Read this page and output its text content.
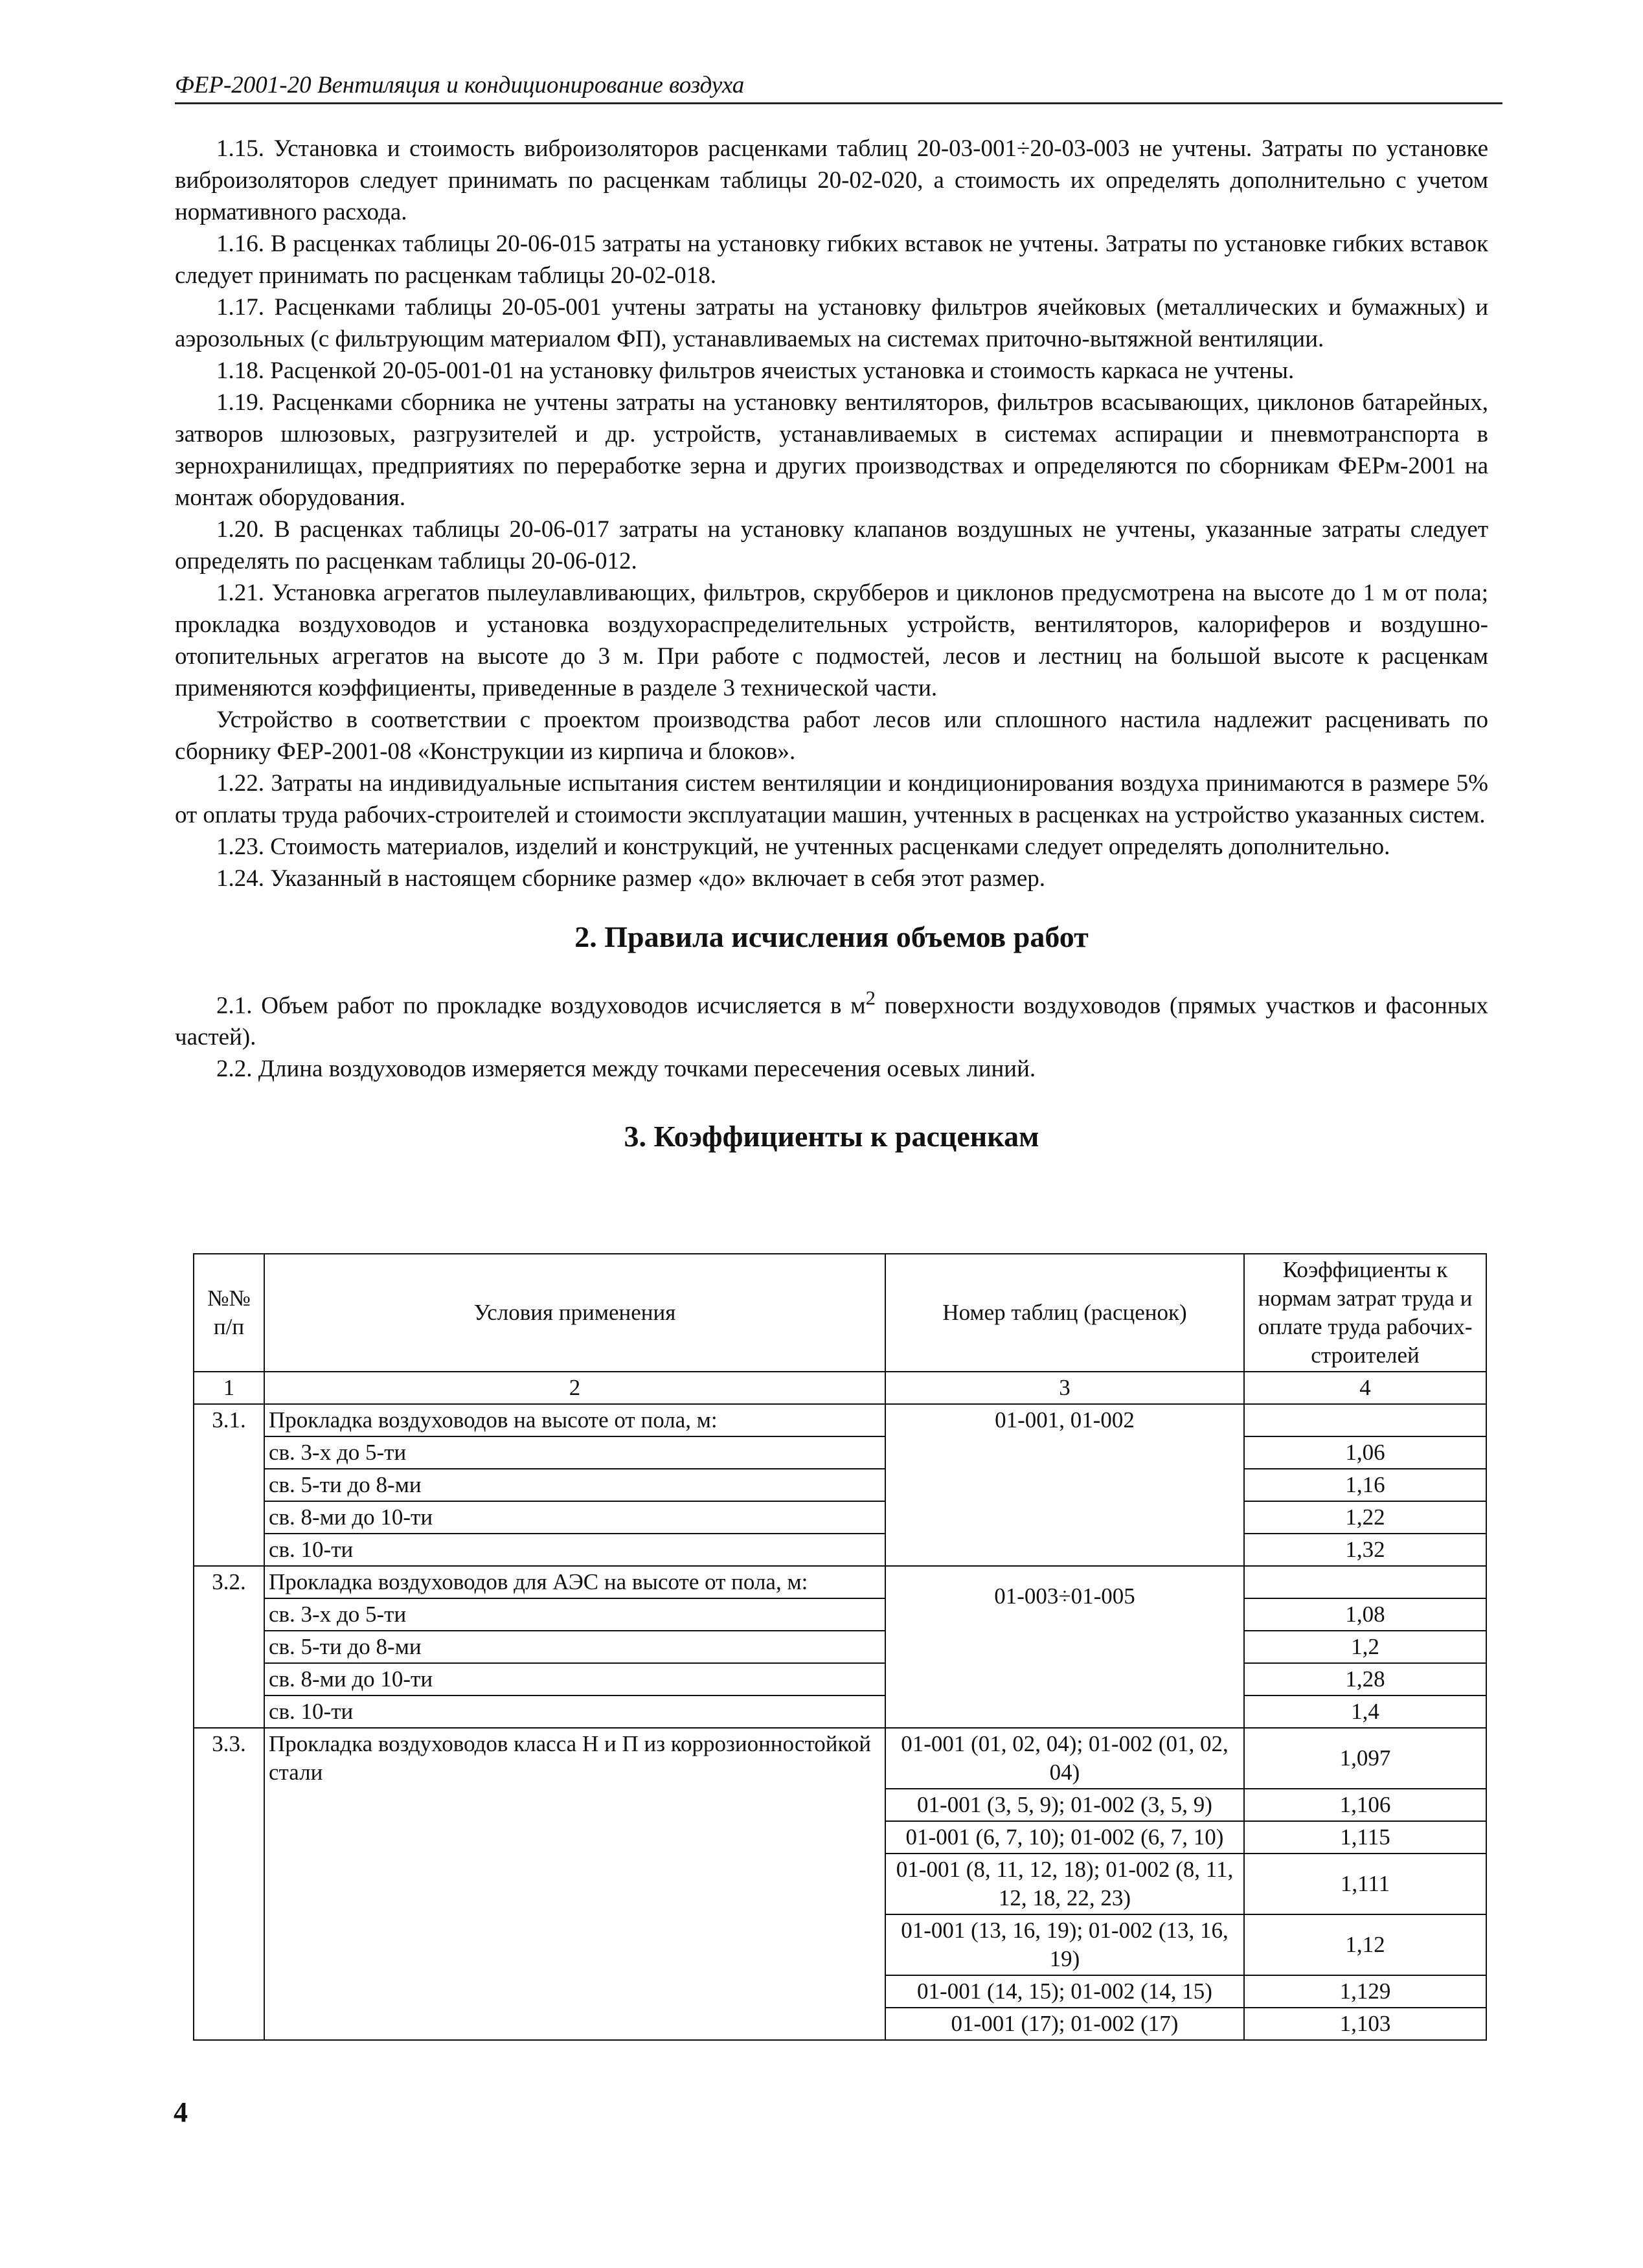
ФЕР-2001-20 Вентиляция и кондиционирование воздуха

1.15. Установка и стоимость виброизоляторов расценками таблиц 20-03-001÷20-03-003 не учтены. Затраты по установке виброизоляторов следует принимать по расценкам таблицы 20-02-020, а стоимость их определять дополнительно с учетом нормативного расхода.

1.16. В расценках таблицы 20-06-015 затраты на установку гибких вставок не учтены. Затраты по установке гибких вставок следует принимать по расценкам таблицы 20-02-018.

1.17. Расценками таблицы 20-05-001 учтены затраты на установку фильтров ячейковых (металлических и бумажных) и аэрозольных (с фильтрующим материалом ФП), устанавливаемых на системах приточно-вытяжной вентиляции.

1.18. Расценкой 20-05-001-01 на установку фильтров ячеистых установка и стоимость каркаса не учтены.

1.19. Расценками сборника не учтены затраты на установку вентиляторов, фильтров всасывающих, циклонов батарейных, затворов шлюзовых, разгрузителей и др. устройств, устанавливаемых в системах аспирации и пневмотранспорта в зернохранилищах, предприятиях по переработке зерна и других производствах и определяются по сборникам ФЕРм-2001 на монтаж оборудования.

1.20. В расценках таблицы 20-06-017 затраты на установку клапанов воздушных не учтены, указанные затраты следует определять по расценкам таблицы 20-06-012.

1.21. Установка агрегатов пылеулавливающих, фильтров, скрубберов и циклонов предусмотрена на высоте до 1 м от пола; прокладка воздуховодов и установка воздухораспределительных устройств, вентиляторов, калориферов и воздушно-отопительных агрегатов на высоте до 3 м. При работе с подмостей, лесов и лестниц на большой высоте к расценкам применяются коэффициенты, приведенные в разделе 3 технической части.

Устройство в соответствии с проектом производства работ лесов или сплошного настила надлежит расценивать по сборнику ФЕР-2001-08 «Конструкции из кирпича и блоков».

1.22. Затраты на индивидуальные испытания систем вентиляции и кондиционирования воздуха принимаются в размере 5% от оплаты труда рабочих-строителей и стоимости эксплуатации машин, учтенных в расценках на устройство указанных систем.

1.23. Стоимость материалов, изделий и конструкций, не учтенных расценками следует определять дополнительно.

1.24. Указанный в настоящем сборнике размер «до» включает в себя этот размер.

2. Правила исчисления объемов работ

2.1. Объем работ по прокладке воздуховодов исчисляется в $м^2$ поверхности воздуховодов (прямых участков и фасонных частей).

2.2. Длина воздуховодов измеряется между точками пересечения осевых линий.

3. Коэффициенты к расценкам
№№ п/п	Условия применения	Номер таблиц (расценок)	Коэффициенты к нормам затрат труда и оплате труда рабочих-строителей
1	2	3	4
3.1.	Прокладка воздуховодов на высоте от пола, м:	01-001, 01-002	
	св. 3-х до 5-ти		1,06
	св. 5-ти до 8-ми		1,16
	св. 8-ми до 10-ти		1,22
	св. 10-ти		1,32
3.2.	Прокладка воздуховодов для АЭС на высоте от пола, м:	01-003÷01-005	
	св. 3-х до 5-ти		1,08
	св. 5-ти до 8-ми		1,2
	св. 8-ми до 10-ти		1,28
	св. 10-ти		1,4
3.3.	Прокладка воздуховодов класса Н и П из коррозионностойкой стали	01-001 (01, 02, 04); 01-002 (01, 02, 04)	1,097
		01-001 (3, 5, 9); 01-002 (3, 5, 9)	1,106
		01-001 (6, 7, 10); 01-002 (6, 7, 10)	1,115
		01-001 (8, 11, 12, 18); 01-002 (8, 11, 12, 18, 22, 23)	1,111
		01-001 (13, 16, 19); 01-002 (13, 16, 19)	1,12
		01-001 (14, 15); 01-002 (14, 15)	1,129
		01-001 (17); 01-002 (17)	1,103
4
